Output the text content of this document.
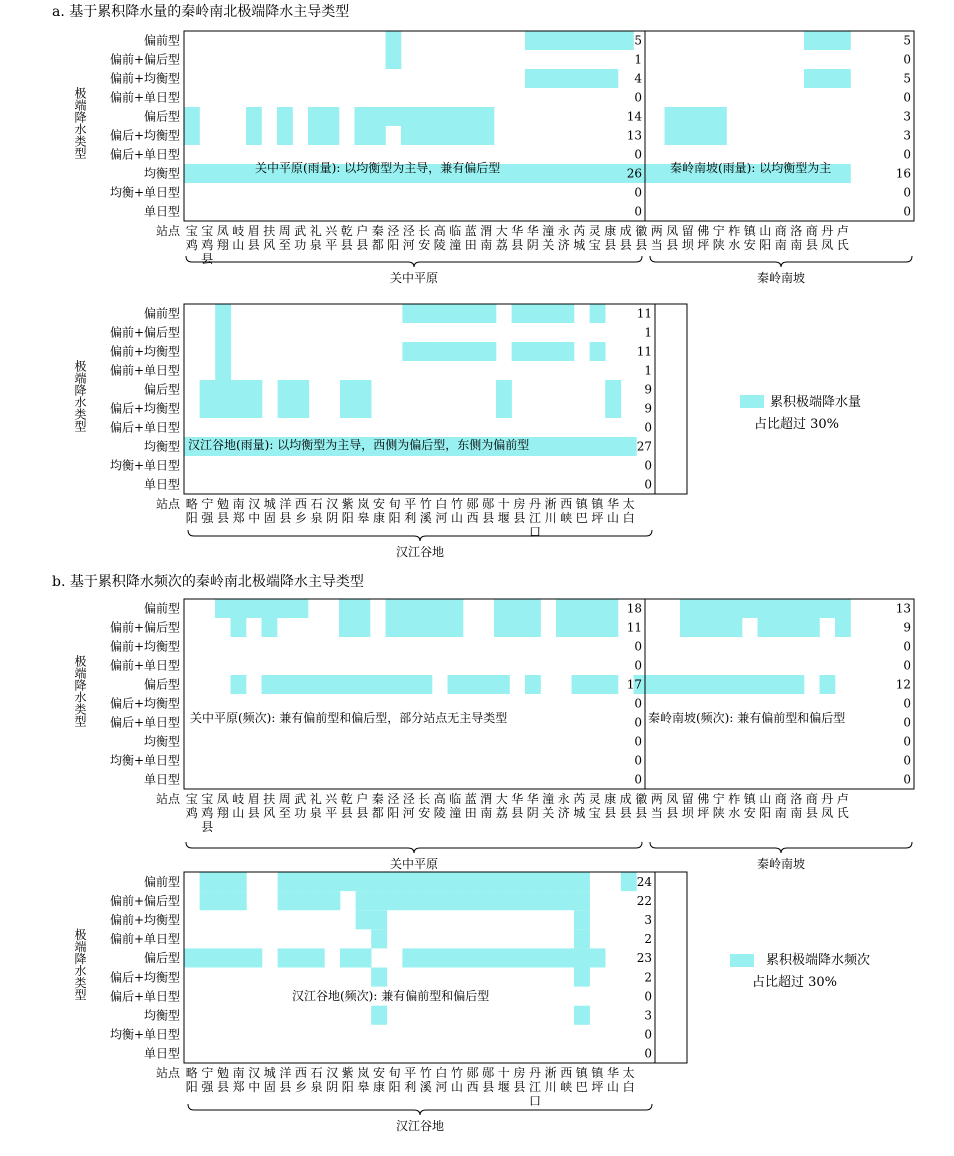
a. 基于累积降水量的秦岭南北极端降水主导类型
b. 基于累积降水频次的秦岭南北极端降水主导类型
偏前型
偏前+偏后型
偏前+均衡型
偏前+单日型
偏后型
偏后+均衡型
偏后+单日型
均衡型
均衡+单日型
单日型
极端降水类型
站点 宝
鸡
宝
鸡
县
凤
翔
岐
山
眉
县
扶
风
周
至
武
功
礼
泉
兴
平
乾
县
户
县
秦
都
泾
阳
泾
河
长
安
高
陵
临
潼
蓝
田
渭
南
大
荔
华
县
华
阴
潼
关
永
济
芮
城
灵
宝
康
县
成
县
徽
县
两
当
凤
县
留
坝
佛
坪
宁
陕
柞
水
镇
安
山
阳
商
南
洛
南
商
县
丹
凤
卢
氏
5
1
4
0
14
13
0
26
0
0
关中平原(雨量): 以均衡型为主导，兼有偏后型
5
0
5
0
3
3
0
16
0
0
秦岭南坡(雨量): 以均衡型为主
关中平原	秦岭南坡
偏前型
偏前+偏后型
偏前+均衡型
偏前+单日型
偏后型
偏后+均衡型
偏后+单日型
均衡型
均衡+单日型
单日型
极端降水类型
站点 略
阳
宁
强
勉
县
南
郑
汉
中
城
固
洋
县
西
乡
石
泉
汉
阴
紫
阳
岚
皋
安
康
旬
阳
平
利
竹
溪
白
河
竹
山
郧
西
郧
县
十
堰
房
县
丹
江
口
淅
川
西
峡
镇
巴
镇
坪
华
山
太
白
11
1
11
1
9
9
0
27
0
0
汉江谷地(雨量): 以均衡型为主导，西侧为偏后型，东侧为偏前型
汉江谷地
偏前型
偏前+偏后型
偏前+均衡型
偏前+单日型
偏后型
偏后+均衡型
偏后+单日型
均衡型
均衡+单日型
单日型
极端降水类型
站点 宝
鸡
宝
鸡
县
凤
翔
岐
山
眉
县
扶
风
周
至
武
功
礼
泉
兴
平
乾
县
户
县
秦
都
泾
阳
泾
河
长
安
高
陵
临
潼
蓝
田
渭
南
大
荔
华
县
华
阴
潼
关
永
济
芮
城
灵
宝
康
县
成
县
徽
县
两
当
凤
县
留
坝
佛
坪
宁
陕
柞
水
镇
安
山
阳
商
南
洛
南
商
县
丹
凤
卢
氏
18
11
0
0
17
0
0
0
0
0
关中平原(频次): 兼有偏前型和偏后型，部分站点无主导类型
13
9
0
0
12
0
0
0
0
0
秦岭南坡(频次): 兼有偏前型和偏后型
关中平原	秦岭南坡
偏前型
偏前+偏后型
偏前+均衡型
偏前+单日型
偏后型
偏后+均衡型
偏后+单日型
均衡型
均衡+单日型
单日型
极端降水类型
站点 略
阳
宁
强
勉
县
南
郑
汉
中
城
固
洋
县
西
乡
石
泉
汉
阴
紫
阳
岚
皋
安
康
旬
阳
平
利
竹
溪
白
河
竹
山
郧
西
郧
县
十
堰
房
县
丹
江
口
淅
川
西
峡
镇
巴
镇
坪
华
山
太
白
24
22
3
2
23
2
0
3
0
0
汉江谷地(频次): 兼有偏前型和偏后型
汉江谷地
累积极端降水量
占比超过 30%
累积极端降水频次
占比超过 30%
